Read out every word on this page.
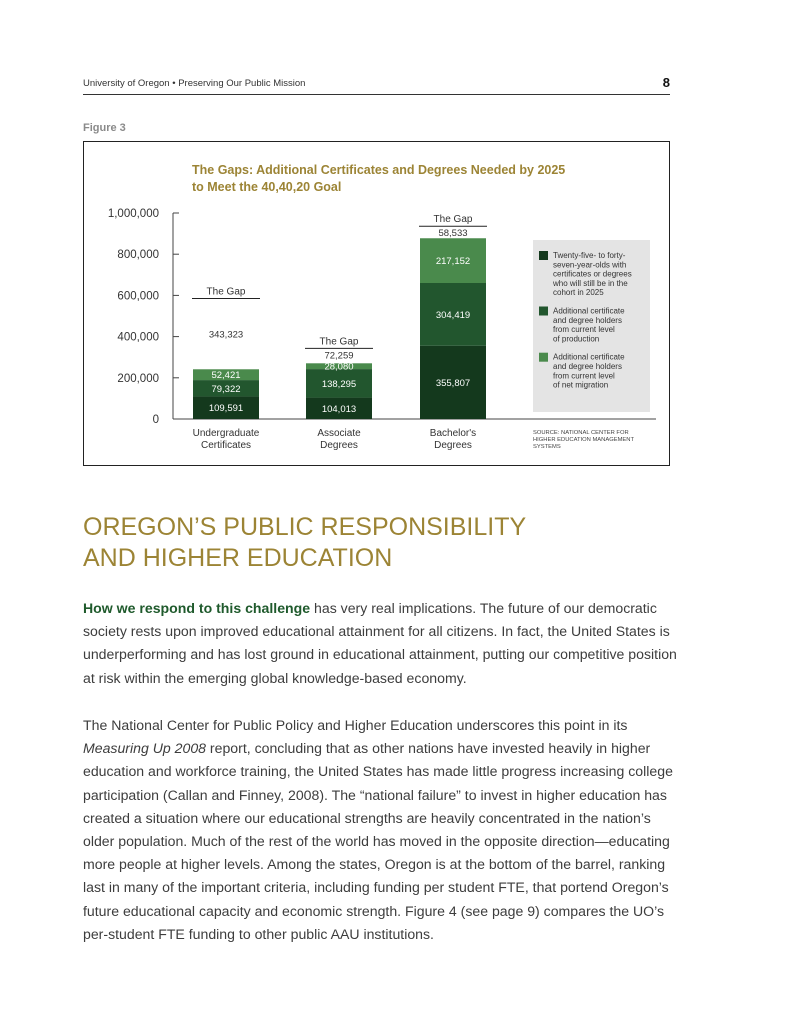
University of Oregon • Preserving Our Public Mission	8
Figure 3
The Gaps: Additional Certificates and Degrees Needed by 2025
to Meet the 40,40,20 Goal
0
200,000
400,000
600,000
800,000
1,000,000
109,591
79,322
52,421
The Gap
343,323
Undergraduate
Certificates
104,013
138,295
28,080
The Gap
72,259
Associate
Degrees
355,807
304,419
217,152
The Gap
58,533
Bachelor's
Degrees
Twenty-five- to forty-
seven-year-olds with
certificates or degrees
who will still be in the
cohort in 2025
Additional certificate
and degree holders
from current level
of production
Additional certificate
and degree holders
from current level
of net migration
SOURCE: NATIONAL CENTER FOR
HIGHER EDUCATION MANAGEMENT
SYSTEMS
OREGON’S PUBLIC RESPONSIBILITY
AND HIGHER EDUCATION
How we respond to this challenge has very real implications. The future of our democratic society rests upon improved educational attainment for all citizens. In fact, the United States is underperforming and has lost ground in educational attainment, putting our competitive position at risk within the emerging global knowledge-based economy.
The National Center for Public Policy and Higher Education underscores this point in its Measuring Up 2008 report, concluding that as other nations have invested heavily in higher education and workforce training, the United States has made little progress increasing college participation (Callan and Finney, 2008). The “national failure” to invest in higher education has created a situation where our educational strengths are heavily concentrated in the nation’s older population. Much of the rest of the world has moved in the opposite direction—educating more people at higher levels. Among the states, Oregon is at the bottom of the barrel, ranking last in many of the important criteria, including funding per student FTE, that portend Oregon’s future educational capacity and economic strength. Figure 4 (see page 9) compares the UO’s per-student FTE funding to other public AAU institutions.
